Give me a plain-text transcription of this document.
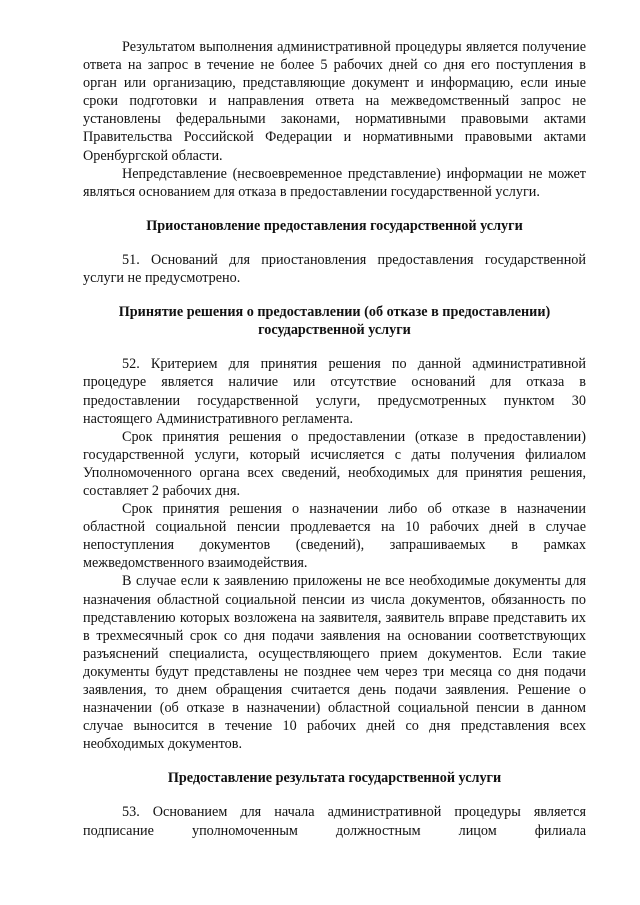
Результатом выполнения административной процедуры является получение ответа на запрос в течение не более 5 рабочих дней со дня его поступления в орган или организацию, представляющие документ и информацию, если иные сроки подготовки и направления ответа на межведомственный запрос не установлены федеральными законами, нормативными правовыми актами Правительства Российской Федерации и нормативными правовыми актами Оренбургской области.

Непредставление (несвоевременное представление) информации не может являться основанием для отказа в предоставлении государственной услуги.

Приостановление предоставления государственной услуги

51. Оснований для приостановления предоставления государственной услуги не предусмотрено.

Принятие решения о предоставлении (об отказе в предоставлении)
государственной услуги

52. Критерием для принятия решения по данной административной процедуре является наличие или отсутствие оснований для отказа в предоставлении государственной услуги, предусмотренных пунктом 30 настоящего Административного регламента.

Срок принятия решения о предоставлении (отказе в предоставлении) государственной услуги, который исчисляется с даты получения филиалом Уполномоченного органа всех сведений, необходимых для принятия решения, составляет 2 рабочих дня.

Срок принятия решения о назначении либо об отказе в назначении областной социальной пенсии продлевается на 10 рабочих дней в случае непоступления документов (сведений), запрашиваемых в рамках межведомственного взаимодействия.

В случае если к заявлению приложены не все необходимые документы для назначения областной социальной пенсии из числа документов, обязанность по представлению которых возложена на заявителя, заявитель вправе представить их в трехмесячный срок со дня подачи заявления на основании соответствующих разъяснений специалиста, осуществляющего прием документов. Если такие документы будут представлены не позднее чем через три месяца со дня подачи заявления, то днем обращения считается день подачи заявления. Решение о назначении (об отказе в назначении) областной социальной пенсии в данном случае выносится в течение 10 рабочих дней со дня представления всех необходимых документов.

Предоставление результата государственной услуги

53. Основанием для начала административной процедуры является подписание уполномоченным должностным лицом филиала
